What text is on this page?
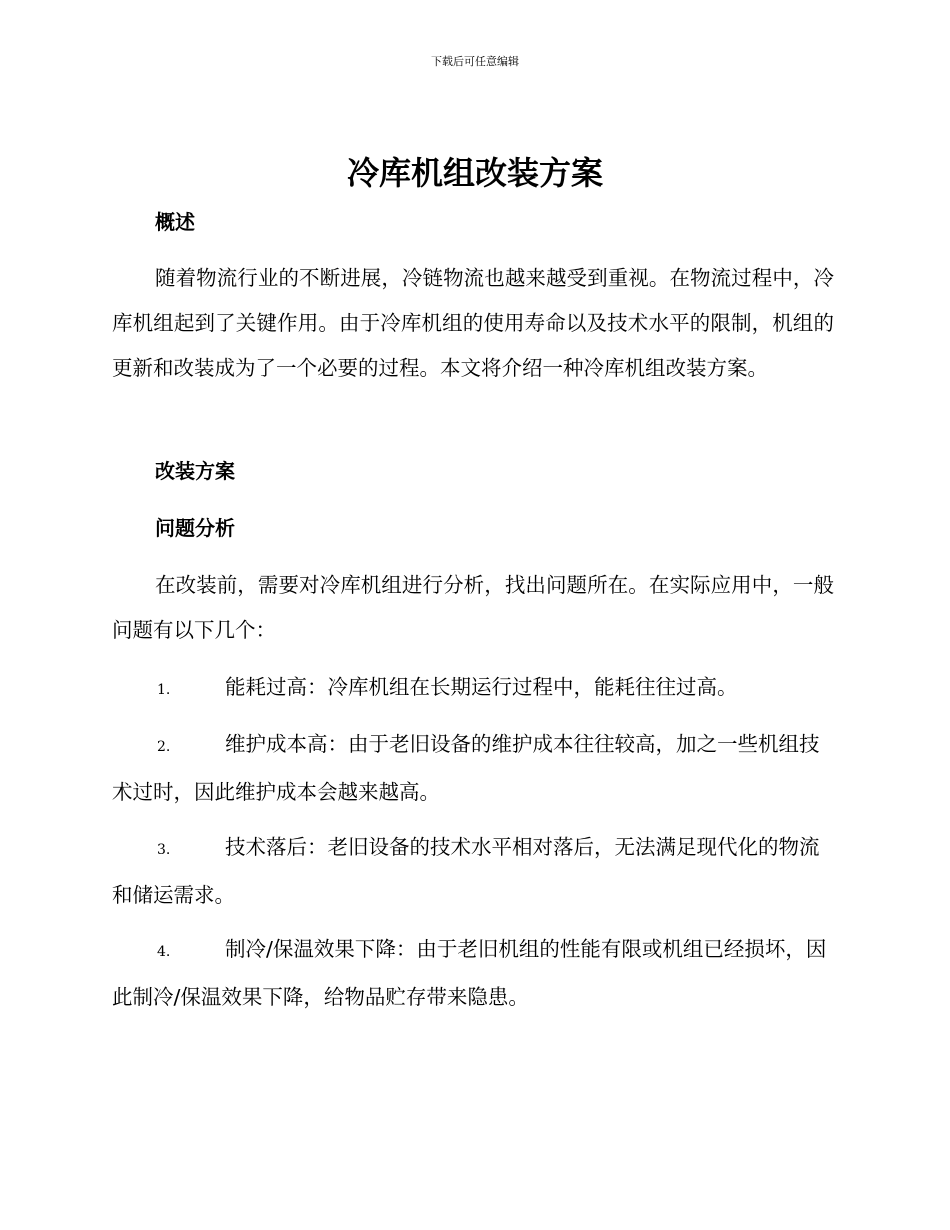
下载后可任意编辑
冷库机组改装方案
概述

随着物流行业的不断进展，冷链物流也越来越受到重视。在物流过程中，冷库机组起到了关键作用。由于冷库机组的使用寿命以及技术水平的限制，机组的更新和改装成为了一个必要的过程。本文将介绍一种冷库机组改装方案。

改装方案
问题分析

在改装前，需要对冷库机组进行分析，找出问题所在。在实际应用中，一般问题有以下几个：

1.	能耗过高：冷库机组在长期运行过程中，能耗往往过高。

2.	维护成本高：由于老旧设备的维护成本往往较高，加之一些机组技术过时，因此维护成本会越来越高。

3.	技术落后：老旧设备的技术水平相对落后，无法满足现代化的物流和储运需求。

4.	制冷/保温效果下降：由于老旧机组的性能有限或机组已经损坏，因此制冷/保温效果下降，给物品贮存带来隐患。
